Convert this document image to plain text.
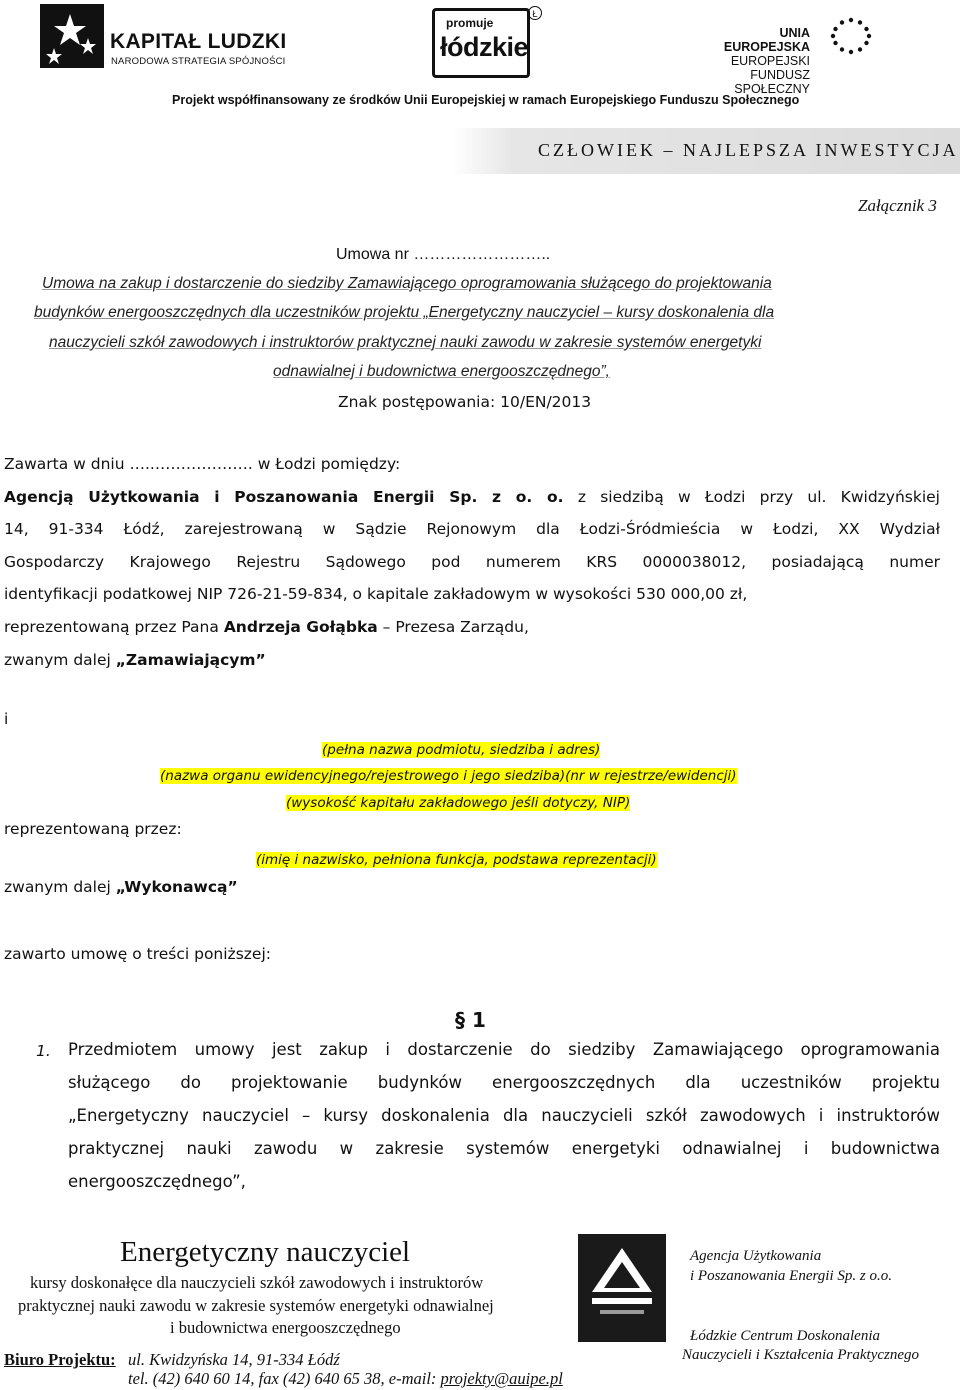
KAPITAŁ LUDZKI
NARODOWA STRATEGIA SPÓJNOŚCI
promuje
łódzkie
Ł
UNIA EUROPEJSKA
EUROPEJSKI
FUNDUSZ SPOŁECZNY
Projekt współfinansowany ze środków Unii Europejskiej w ramach Europejskiego Funduszu Społecznego
CZŁOWIEK – NAJLEPSZA INWESTYCJA
Załącznik 3
Umowa nr ……………………..
Umowa na zakup i dostarczenie do siedziby Zamawiającego oprogramowania służącego do projektowania
budynków energooszczędnych dla uczestników projektu „Energetyczny nauczyciel – kursy doskonalenia dla
nauczycieli szkół zawodowych i instruktorów praktycznej nauki zawodu w zakresie systemów energetyki
odnawialnej i budownictwa energooszczędnego”,
Znak postępowania: 10/EN/2013
Zawarta w dniu …..………………. w Łodzi pomiędzy:
Agencją Użytkowania i Poszanowania Energii Sp. z o. o. z siedzibą w Łodzi przy ul. Kwidzyńskiej
14, 91-334 Łódź, zarejestrowaną w Sądzie Rejonowym dla Łodzi-Śródmieścia w Łodzi, XX Wydział
Gospodarczy Krajowego Rejestru Sądowego pod numerem KRS 0000038012, posiadającą numer
identyfikacji podatkowej NIP 726-21-59-834, o kapitale zakładowym w wysokości 530 000,00 zł,
reprezentowaną przez Pana Andrzeja Gołąbka – Prezesa Zarządu,
zwanym dalej „Zamawiającym”
i
(pełna nazwa podmiotu, siedziba i adres)
(nazwa organu ewidencyjnego/rejestrowego i jego siedziba)(nr w rejestrze/ewidencji)
(wysokość kapitału zakładowego jeśli dotyczy, NIP)
reprezentowaną przez:
(imię i nazwisko, pełniona funkcja, podstawa reprezentacji)
zwanym dalej „Wykonawcą”
zawarto umowę o treści poniższej:
§ 1
1. Przedmiotem umowy jest zakup i dostarczenie do siedziby Zamawiającego oprogramowania
służącego do projektowanie budynków energooszczędnych dla uczestników projektu
„Energetyczny nauczyciel – kursy doskonalenia dla nauczycieli szkół zawodowych i instruktorów
praktycznej nauki zawodu w zakresie systemów energetyki odnawialnej i budownictwa
energooszczędnego”,
Energetyczny nauczyciel
kursy doskonałęce dla nauczycieli szkół zawodowych i instruktorów
praktycznej nauki zawodu w zakresie systemów energetyki odnawialnej
i budownictwa energooszczędnego
Biuro Projektu: ul. Kwidzyńska 14, 91-334 Łódź
tel. (42) 640 60 14, fax (42) 640 65 38, e-mail: projekty@auipe.pl
Agencja Użytkowania
i Poszanowania Energii Sp. z o.o.
Łódzkie Centrum Doskonalenia
Nauczycieli i Kształcenia Praktycznego
